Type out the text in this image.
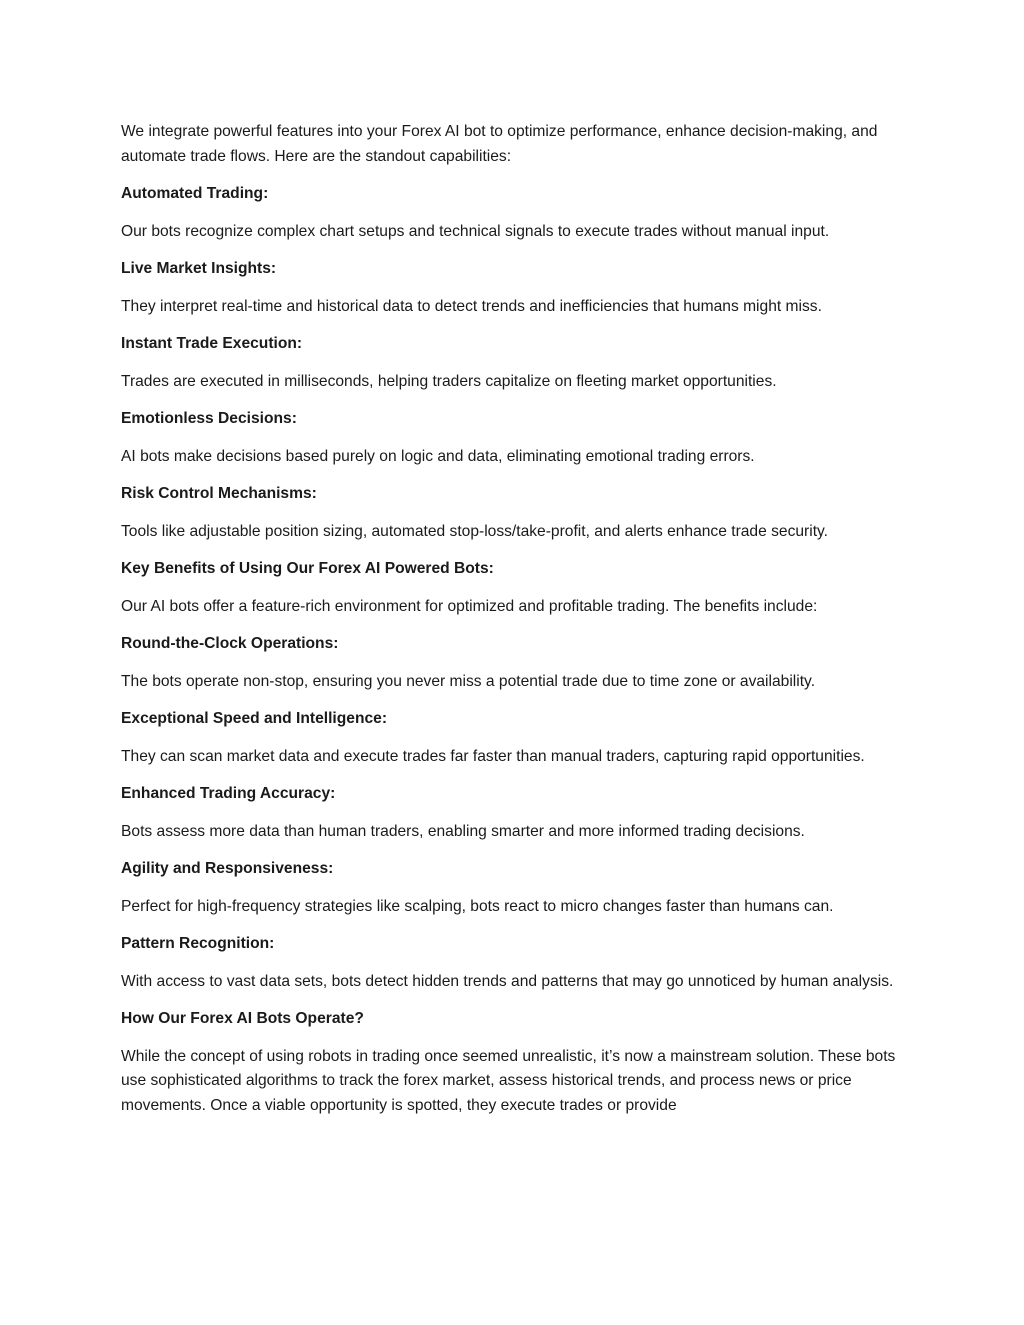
We integrate powerful features into your Forex AI bot to optimize performance, enhance decision-making, and automate trade flows. Here are the standout capabilities:

Automated Trading:

Our bots recognize complex chart setups and technical signals to execute trades without manual input.

Live Market Insights:

They interpret real-time and historical data to detect trends and inefficiencies that humans might miss.

Instant Trade Execution:

Trades are executed in milliseconds, helping traders capitalize on fleeting market opportunities.

Emotionless Decisions:

AI bots make decisions based purely on logic and data, eliminating emotional trading errors.

Risk Control Mechanisms:

Tools like adjustable position sizing, automated stop-loss/take-profit, and alerts enhance trade security.

Key Benefits of Using Our Forex AI Powered Bots:

Our AI bots offer a feature-rich environment for optimized and profitable trading. The benefits include:

Round-the-Clock Operations:

The bots operate non-stop, ensuring you never miss a potential trade due to time zone or availability.

Exceptional Speed and Intelligence:

They can scan market data and execute trades far faster than manual traders, capturing rapid opportunities.

Enhanced Trading Accuracy:

Bots assess more data than human traders, enabling smarter and more informed trading decisions.

Agility and Responsiveness:

Perfect for high-frequency strategies like scalping, bots react to micro changes faster than humans can.

Pattern Recognition:

With access to vast data sets, bots detect hidden trends and patterns that may go unnoticed by human analysis.

How Our Forex AI Bots Operate?

While the concept of using robots in trading once seemed unrealistic, it’s now a mainstream solution. These bots use sophisticated algorithms to track the forex market, assess historical trends, and process news or price movements. Once a viable opportunity is spotted, they execute trades or provide
